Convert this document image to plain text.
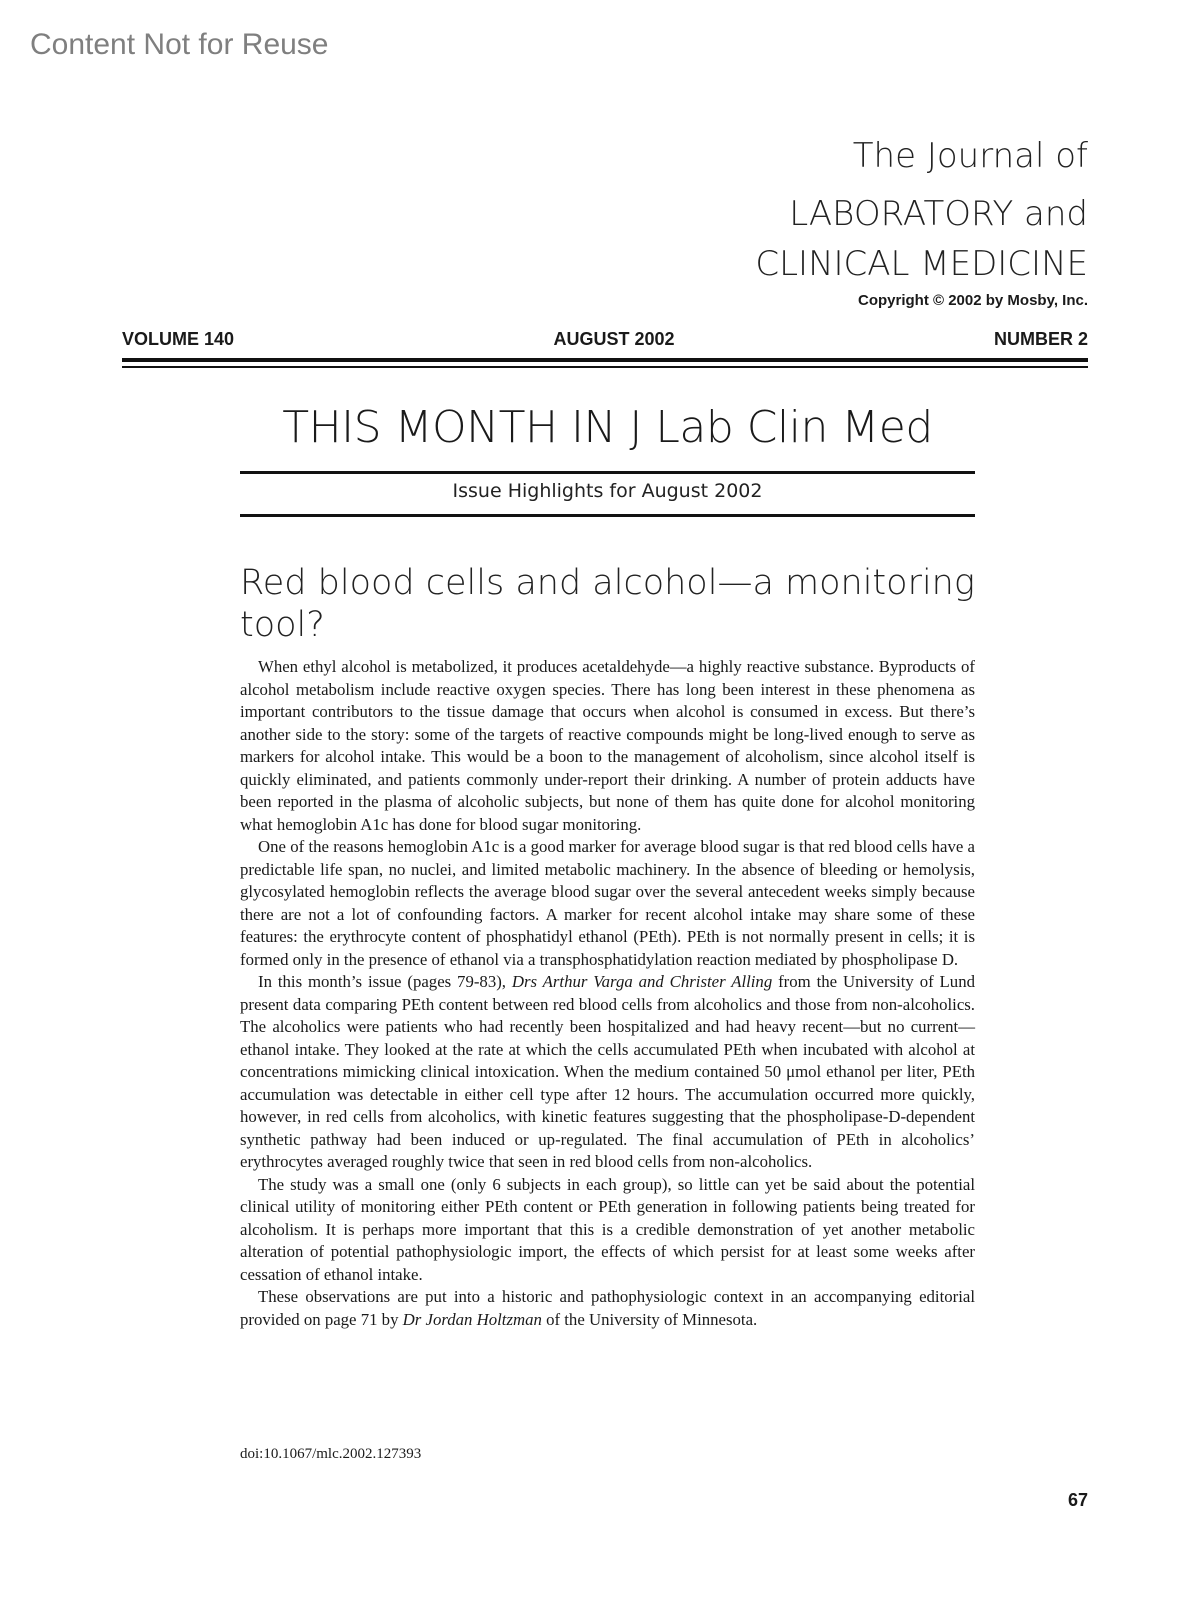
Content Not for Reuse
The Journal of
LABORATORY and
CLINICAL MEDICINE
Copyright © 2002 by Mosby, Inc.
VOLUME 140	AUGUST 2002	NUMBER 2
THIS MONTH IN J Lab Clin Med
Issue Highlights for August 2002
Red blood cells and alcohol—a monitoring tool?

When ethyl alcohol is metabolized, it produces acetaldehyde—a highly reactive substance. Byproducts of alcohol metabolism include reactive oxygen species. There has long been interest in these phenomena as important contributors to the tissue damage that occurs when alcohol is consumed in excess. But there’s another side to the story: some of the targets of reactive compounds might be long-lived enough to serve as markers for alcohol intake. This would be a boon to the management of alcoholism, since alcohol itself is quickly eliminated, and patients commonly under-report their drinking. A number of protein adducts have been reported in the plasma of alcoholic subjects, but none of them has quite done for alcohol monitoring what hemoglobin A1c has done for blood sugar monitoring.

One of the reasons hemoglobin A1c is a good marker for average blood sugar is that red blood cells have a predictable life span, no nuclei, and limited metabolic machinery. In the absence of bleeding or hemolysis, glycosylated hemoglobin reflects the average blood sugar over the several antecedent weeks simply because there are not a lot of confounding factors. A marker for recent alcohol intake may share some of these features: the erythrocyte content of phosphatidyl ethanol (PEth). PEth is not normally present in cells; it is formed only in the presence of ethanol via a transphosphatidylation reaction mediated by phospholipase D.

In this month’s issue (pages 79-83), Drs Arthur Varga and Christer Alling from the University of Lund present data comparing PEth content between red blood cells from alcoholics and those from non-alcoholics. The alcoholics were patients who had recently been hospitalized and had heavy recent—but no current—ethanol intake. They looked at the rate at which the cells accumulated PEth when incubated with alcohol at concentrations mimicking clinical intoxication. When the medium contained 50 μmol ethanol per liter, PEth accumulation was detectable in either cell type after 12 hours. The accumulation occurred more quickly, however, in red cells from alcoholics, with kinetic features suggesting that the phospholipase-D-dependent synthetic pathway had been induced or up-regulated. The final accumulation of PEth in alcoholics’ erythrocytes averaged roughly twice that seen in red blood cells from non-alcoholics.

The study was a small one (only 6 subjects in each group), so little can yet be said about the potential clinical utility of monitoring either PEth content or PEth generation in following patients being treated for alcoholism. It is perhaps more important that this is a credible demonstration of yet another metabolic alteration of potential pathophysiologic import, the effects of which persist for at least some weeks after cessation of ethanol intake.

These observations are put into a historic and pathophysiologic context in an accompanying editorial provided on page 71 by Dr Jordan Holtzman of the University of Minnesota.

doi:10.1067/mlc.2002.127393
67
